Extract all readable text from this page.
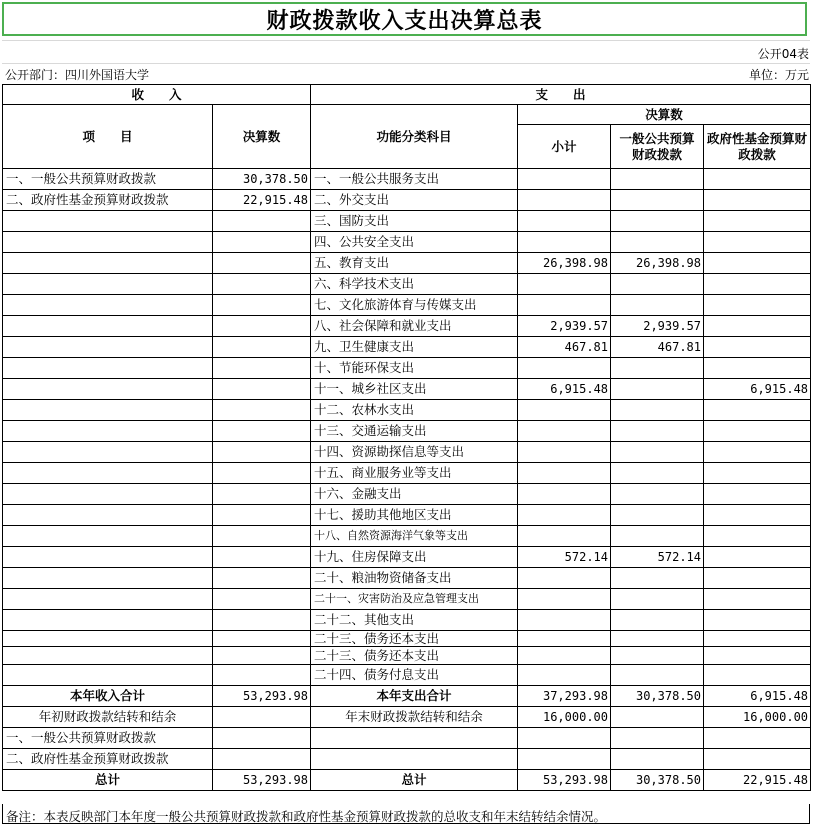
财政拨款收入支出决算总表
公开04表
公开部门：四川外国语大学	单位：万元
收　　入		支　　出			
项　　目	决算数	功能分类科目	决算数		
			小计	一般公共预算财政拨款	政府性基金预算财政拨款

一、一般公共预算财政拨款	30,378.50	一、一般公共服务支出			
二、政府性基金预算财政拨款	22,915.48	二、外交支出			
		三、国防支出			
		四、公共安全支出			
		五、教育支出	26,398.98	26,398.98	
		六、科学技术支出			
		七、文化旅游体育与传媒支出			
		八、社会保障和就业支出	2,939.57	2,939.57	
		九、卫生健康支出	467.81	467.81	
		十、节能环保支出			
		十一、城乡社区支出	6,915.48		6,915.48
		十二、农林水支出			
		十三、交通运输支出			
		十四、资源勘探信息等支出			
		十五、商业服务业等支出			
		十六、金融支出			
		十七、援助其他地区支出			
		十八、自然资源海洋气象等支出			
		十九、住房保障支出	572.14	572.14	
		二十、粮油物资储备支出			
		二十一、灾害防治及应急管理支出			
		二十二、其他支出			
		二十三、债务还本支出			
		二十三、债务还本支出			
		二十四、债务付息支出			
本年收入合计	53,293.98	本年支出合计	37,293.98	30,378.50	6,915.48
年初财政拨款结转和结余		年末财政拨款结转和结余	16,000.00		16,000.00
一、一般公共预算财政拨款					
二、政府性基金预算财政拨款					
总计	53,293.98	总计	53,293.98	30,378.50	22,915.48
备注：本表反映部门本年度一般公共预算财政拨款和政府性基金预算财政拨款的总收支和年末结转结余情况。
